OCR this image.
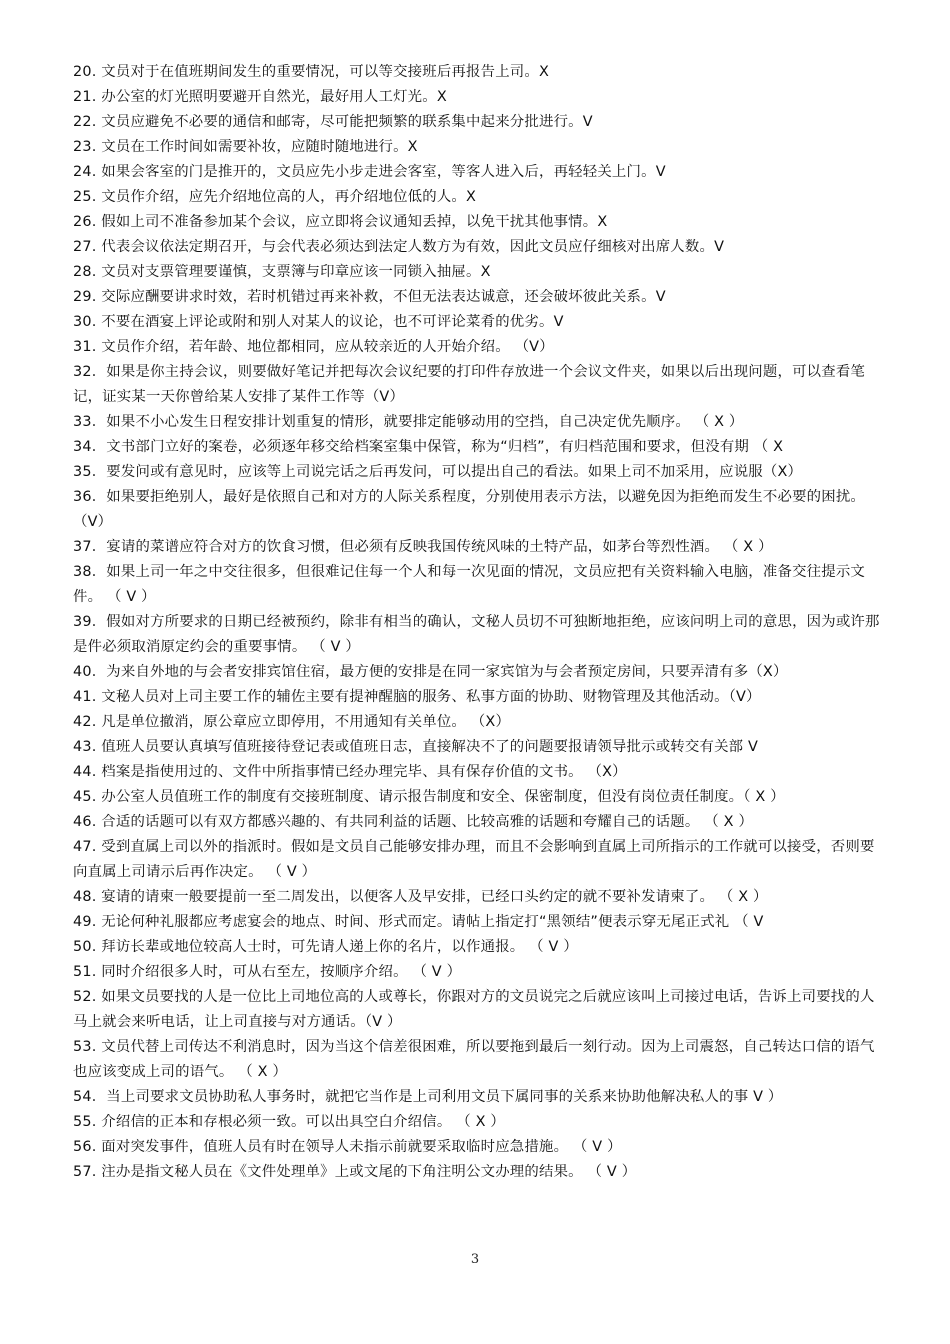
20. 文员对于在值班期间发生的重要情况，可以等交接班后再报告上司。X
21. 办公室的灯光照明要避开自然光，最好用人工灯光。X
22. 文员应避免不必要的通信和邮寄，尽可能把频繁的联系集中起来分批进行。V
23. 文员在工作时间如需要补妆，应随时随地进行。X
24. 如果会客室的门是推开的，文员应先小步走进会客室，等客人进入后，再轻轻关上门。V
25. 文员作介绍，应先介绍地位高的人，再介绍地位低的人。X
26. 假如上司不准备参加某个会议，应立即将会议通知丢掉，以免干扰其他事情。X
27. 代表会议依法定期召开，与会代表必须达到法定人数方为有效，因此文员应仔细核对出席人数。V
28. 文员对支票管理要谨慎，支票簿与印章应该一同锁入抽屉。X
29. 交际应酬要讲求时效，若时机错过再来补救，不但无法表达诚意，还会破坏彼此关系。V
30. 不要在酒宴上评论或附和别人对某人的议论，也不可评论菜肴的优劣。V
31. 文员作介绍，若年龄、地位都相同，应从较亲近的人开始介绍。 （V）
32．如果是你主持会议，则要做好笔记并把每次会议纪要的打印件存放进一个会议文件夹，如果以后出现问题，可以查看笔记，证实某一天你曾给某人安排了某件工作等（V）
33．如果不小心发生日程安排计划重复的情形，就要排定能够动用的空挡，自己决定优先顺序。 （ X ）
34．文书部门立好的案卷，必须逐年移交给档案室集中保管，称为“归档”，有归档范围和要求，但没有期 （ X
35．要发问或有意见时，应该等上司说完话之后再发问，可以提出自己的看法。如果上司不加采用，应说服（X）
36．如果要拒绝别人，最好是依照自己和对方的人际关系程度，分别使用表示方法，以避免因为拒绝而发生不必要的困扰。 （V）
37．宴请的菜谱应符合对方的饮食习惯，但必须有反映我国传统风味的土特产品，如茅台等烈性酒。 （ X ）
38．如果上司一年之中交往很多，但很难记住每一个人和每一次见面的情况，文员应把有关资料输入电脑，准备交往提示文件。 （ V ）
39．假如对方所要求的日期已经被预约，除非有相当的确认，文秘人员切不可独断地拒绝，应该问明上司的意思，因为或许那是件必须取消原定约会的重要事情。 （ V ）
40．为来自外地的与会者安排宾馆住宿，最方便的安排是在同一家宾馆为与会者预定房间，只要弄清有多（X）
41. 文秘人员对上司主要工作的辅佐主要有提神醒脑的服务、私事方面的协助、财物管理及其他活动。（V）
42. 凡是单位撤消，原公章应立即停用，不用通知有关单位。 （X）
43. 值班人员要认真填写值班接待登记表或值班日志，直接解决不了的问题要报请领导批示或转交有关部 V
44. 档案是指使用过的、文件中所指事情已经办理完毕、具有保存价值的文书。 （X）
45. 办公室人员值班工作的制度有交接班制度、请示报告制度和安全、保密制度，但没有岗位责任制度。（ X ）
46. 合适的话题可以有双方都感兴趣的、有共同利益的话题、比较高雅的话题和夸耀自己的话题。 （ X ）
47. 受到直属上司以外的指派时。假如是文员自己能够安排办理，而且不会影响到直属上司所指示的工作就可以接受，否则要向直属上司请示后再作决定。 （ V ）
48. 宴请的请柬一般要提前一至二周发出，以便客人及早安排，已经口头约定的就不要补发请柬了。 （ X ）
49. 无论何种礼服都应考虑宴会的地点、时间、形式而定。请帖上指定打“黑领结”便表示穿无尾正式礼 （ V
50. 拜访长辈或地位较高人士时，可先请人递上你的名片，以作通报。 （ V ）
51. 同时介绍很多人时，可从右至左，按顺序介绍。 （ V ）
52. 如果文员要找的人是一位比上司地位高的人或尊长，你跟对方的文员说完之后就应该叫上司接过电话，告诉上司要找的人马上就会来听电话，让上司直接与对方通话。（V ）
53. 文员代替上司传达不利消息时，因为当这个信差很困难，所以要拖到最后一刻行动。因为上司震怒，自己转达口信的语气也应该变成上司的语气。 （ X ）
54．当上司要求文员协助私人事务时，就把它当作是上司利用文员下属同事的关系来协助他解决私人的事 V ）
55. 介绍信的正本和存根必须一致。可以出具空白介绍信。 （ X ）
56. 面对突发事件，值班人员有时在领导人未指示前就要采取临时应急措施。 （ V ）
57. 注办是指文秘人员在《文件处理单》上或文尾的下角注明公文办理的结果。 （ V ）
3
